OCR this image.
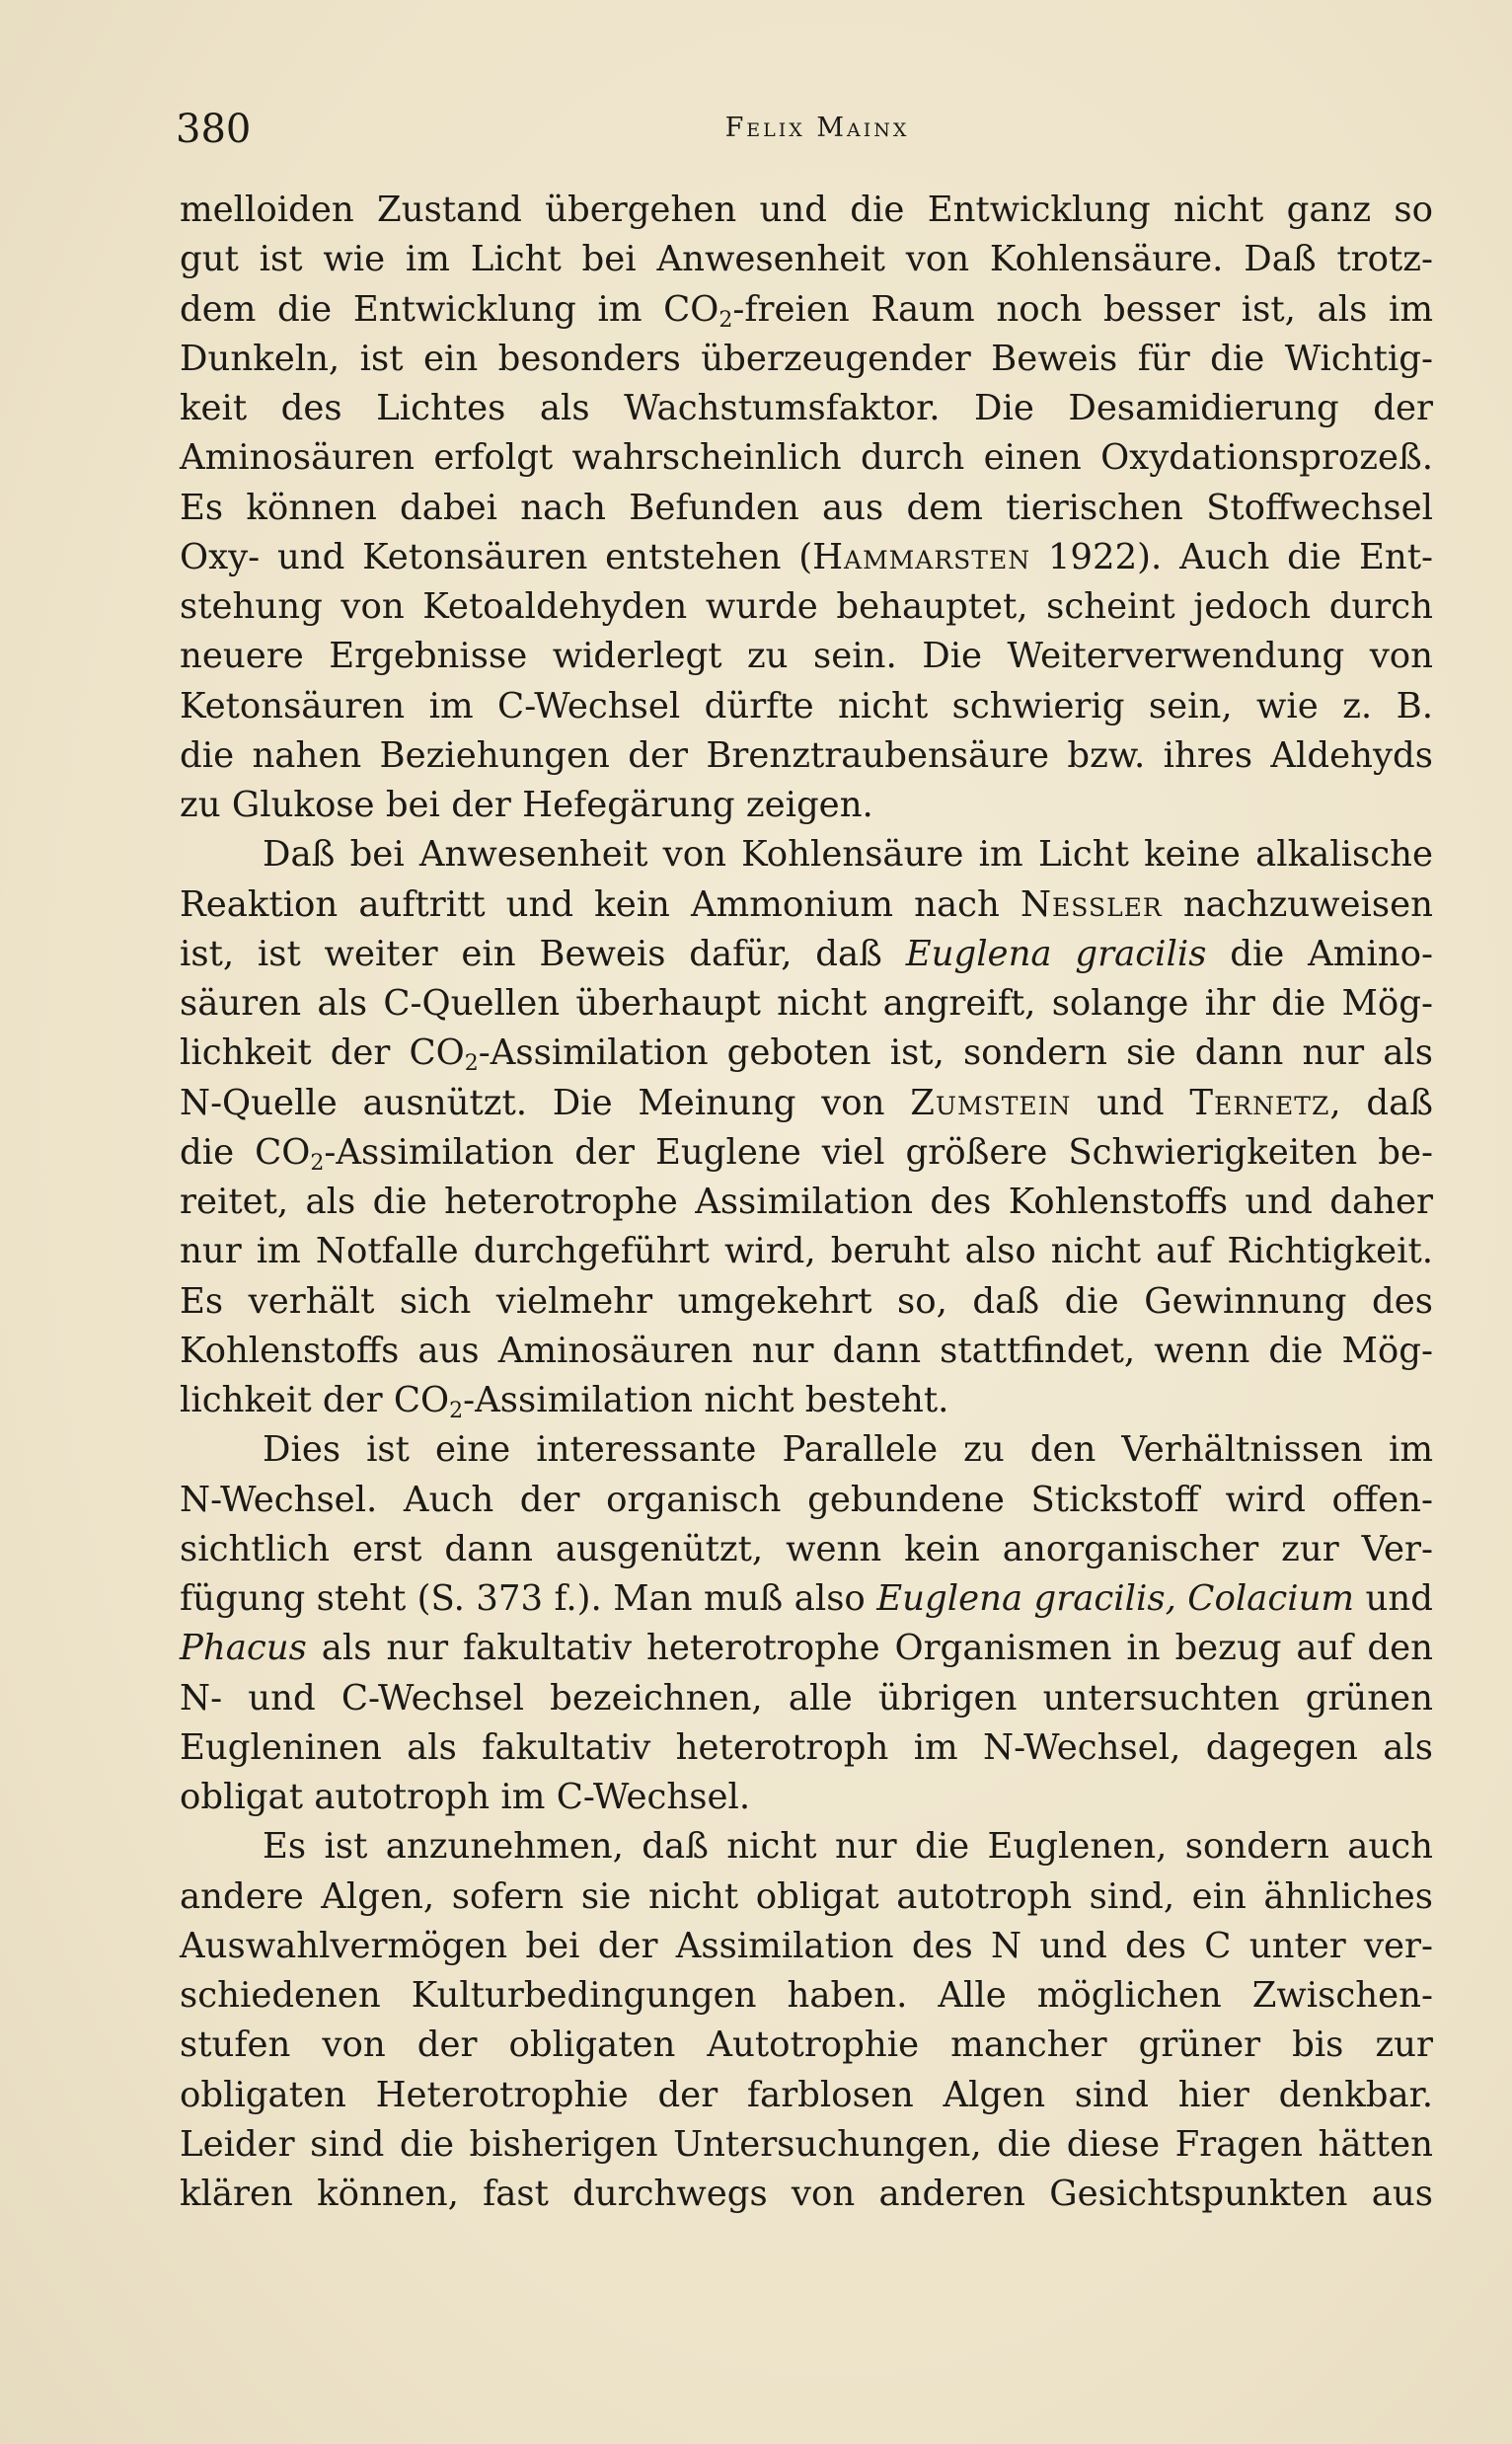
380	Felix Mainx
melloiden Zustand übergehen und die Entwicklung nicht ganz so
gut ist wie im Licht bei Anwesenheit von Kohlensäure. Daß trotz-
dem die Entwicklung im $CO_2$-freien Raum noch besser ist, als im
Dunkeln, ist ein besonders überzeugender Beweis für die Wichtig-
keit des Lichtes als Wachstumsfaktor. Die Desamidierung der
Aminosäuren erfolgt wahrscheinlich durch einen Oxydationsprozeß.
Es können dabei nach Befunden aus dem tierischen Stoffwechsel
Oxy- und Ketonsäuren entstehen (Hammarsten 1922). Auch die Ent-
stehung von Ketoaldehyden wurde behauptet, scheint jedoch durch
neuere Ergebnisse widerlegt zu sein. Die Weiterverwendung von
Ketonsäuren im C-Wechsel dürfte nicht schwierig sein, wie z. B.
die nahen Beziehungen der Brenztraubensäure bzw. ihres Aldehyds
zu Glukose bei der Hefegärung zeigen.
Daß bei Anwesenheit von Kohlensäure im Licht keine alkalische
Reaktion auftritt und kein Ammonium nach Nessler nachzuweisen
ist, ist weiter ein Beweis dafür, daß Euglena gracilis die Amino-
säuren als C-Quellen überhaupt nicht angreift, solange ihr die Mög-
lichkeit der $CO_2$-Assimilation geboten ist, sondern sie dann nur als
N-Quelle ausnützt. Die Meinung von Zumstein und Ternetz, daß
die $CO_2$-Assimilation der Euglene viel größere Schwierigkeiten be-
reitet, als die heterotrophe Assimilation des Kohlenstoffs und daher
nur im Notfalle durchgeführt wird, beruht also nicht auf Richtigkeit.
Es verhält sich vielmehr umgekehrt so, daß die Gewinnung des
Kohlenstoffs aus Aminosäuren nur dann stattfindet, wenn die Mög-
lichkeit der $CO_2$-Assimilation nicht besteht.
Dies ist eine interessante Parallele zu den Verhältnissen im
N-Wechsel. Auch der organisch gebundene Stickstoff wird offen-
sichtlich erst dann ausgenützt, wenn kein anorganischer zur Ver-
fügung steht (S. 373 f.). Man muß also Euglena gracilis, Colacium und
Phacus als nur fakultativ heterotrophe Organismen in bezug auf den
N- und C-Wechsel bezeichnen, alle übrigen untersuchten grünen
Eugleninen als fakultativ heterotroph im N-Wechsel, dagegen als
obligat autotroph im C-Wechsel.
Es ist anzunehmen, daß nicht nur die Euglenen, sondern auch
andere Algen, sofern sie nicht obligat autotroph sind, ein ähnliches
Auswahlvermögen bei der Assimilation des N und des C unter ver-
schiedenen Kulturbedingungen haben. Alle möglichen Zwischen-
stufen von der obligaten Autotrophie mancher grüner bis zur
obligaten Heterotrophie der farblosen Algen sind hier denkbar.
Leider sind die bisherigen Untersuchungen, die diese Fragen hätten
klären können, fast durchwegs von anderen Gesichtspunkten aus
